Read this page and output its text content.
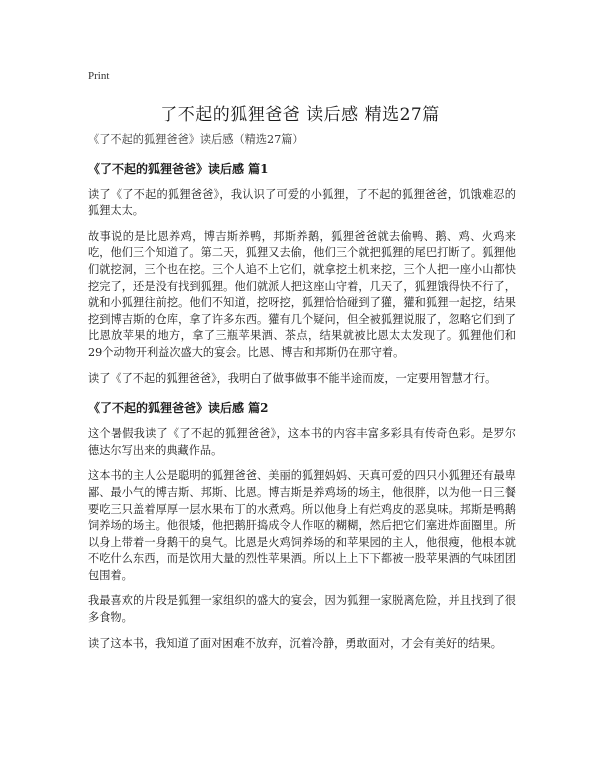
Print
了不起的狐狸爸爸 读后感 精选27篇

《了不起的狐狸爸爸》读后感（精选27篇）

《了不起的狐狸爸爸》读后感 篇1

读了《了不起的狐狸爸爸》，我认识了可爱的小狐狸，了不起的狐狸爸爸，饥饿难忍的狐狸太太。

故事说的是比恩养鸡，博吉斯养鸭，邦斯养鹅，狐狸爸爸就去偷鸭、鹅、鸡、火鸡来吃，他们三个知道了。第二天，狐狸又去偷，他们三个就把狐狸的尾巴打断了。狐狸他们就挖洞，三个也在挖。三个人追不上它们，就拿挖土机来挖，三个人把一座小山都快挖完了，还是没有找到狐狸。他们就派人把这座山守着，几天了，狐狸饿得快不行了，就和小狐狸往前挖。他们不知道，挖呀挖，狐狸恰恰碰到了獾，獾和狐狸一起挖，结果挖到博吉斯的仓库，拿了许多东西。獾有几个疑问，但全被狐狸说服了，忽略它们到了比恩放苹果的地方，拿了三瓶苹果酒、茶点，结果就被比恩太太发现了。狐狸他们和29个动物开利益次盛大的宴会。比恩、博吉和邦斯仍在那守着。

读了《了不起的狐狸爸爸》，我明白了做事做事不能半途而废，一定要用智慧才行。

《了不起的狐狸爸爸》读后感 篇2

这个暑假我读了《了不起的狐狸爸爸》，这本书的内容丰富多彩具有传奇色彩。是罗尔德达尔写出来的典藏作品。

这本书的主人公是聪明的狐狸爸爸、美丽的狐狸妈妈、天真可爱的四只小狐狸还有最卑鄙、最小气的博吉斯、邦斯、比恩。博吉斯是养鸡场的场主，他很胖，以为他一日三餐要吃三只盖着厚厚一层水果布丁的水煮鸡。所以他身上有烂鸡皮的恶臭味。邦斯是鸭鹅饲养场的场主。他很矮，他把鹅肝捣成令人作呕的糊糊，然后把它们塞进炸面圈里。所以身上带着一身鹅干的臭气。比恩是火鸡饲养场的和苹果园的主人，他很瘦，他根本就不吃什么东西，而是饮用大量的烈性苹果酒。所以上上下下都被一股苹果酒的气味团团包围着。

我最喜欢的片段是狐狸一家组织的盛大的宴会，因为狐狸一家脱离危险，并且找到了很多食物。

读了这本书，我知道了面对困难不放弃，沉着冷静，勇敢面对，才会有美好的结果。
